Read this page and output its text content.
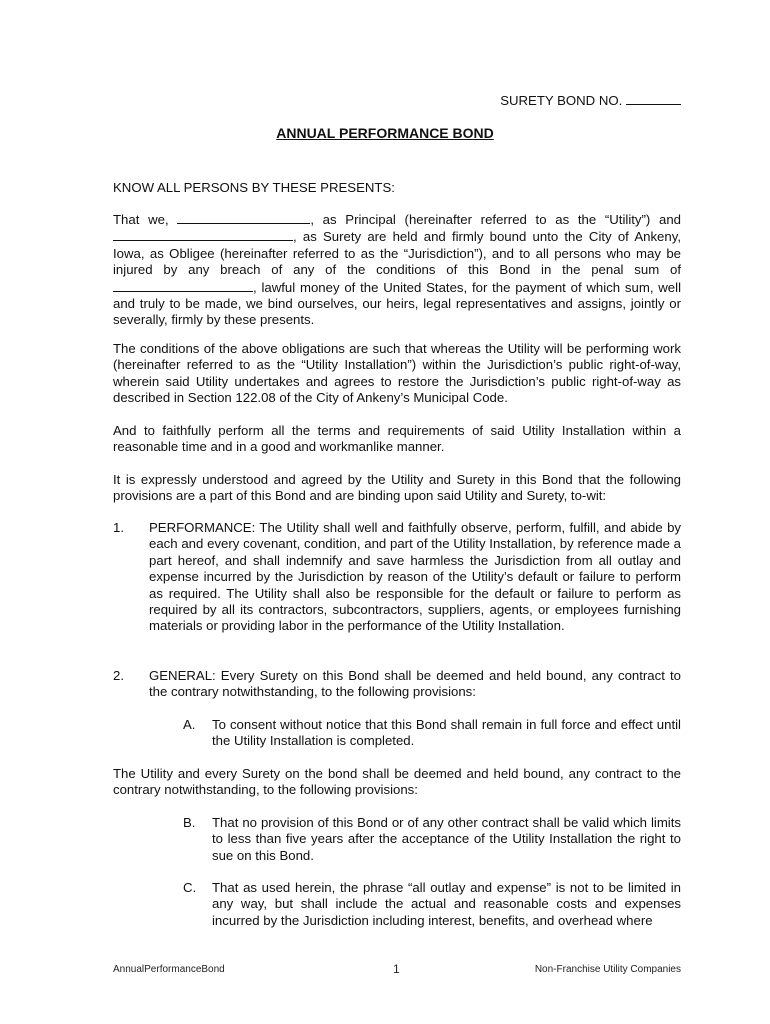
SURETY BOND NO.
ANNUAL PERFORMANCE BOND
KNOW ALL PERSONS BY THESE PRESENTS:
That we,	, as Principal (hereinafter referred to as the “Utility”) and , as Surety are held and firmly bound unto the City of Ankeny, Iowa, as Obligee (hereinafter referred to as the “Jurisdiction”), and to all persons who may be injured by any breach of any of the conditions of this Bond in the penal sum of , lawful money of the United States, for the payment of which sum, well and truly to be made, we bind ourselves, our heirs, legal representatives and assigns, jointly or severally, firmly by these presents.
The conditions of the above obligations are such that whereas the Utility will be performing work (hereinafter referred to as the “Utility Installation”) within the Jurisdiction’s public right-of-way, wherein said Utility undertakes and agrees to restore the Jurisdiction’s public right-of-way as described in Section 122.08 of the City of Ankeny’s Municipal Code.
And to faithfully perform all the terms and requirements of said Utility Installation within a reasonable time and in a good and workmanlike manner.
It is expressly understood and agreed by the Utility and Surety in this Bond that the following provisions are a part of this Bond and are binding upon said Utility and Surety, to-wit:
1. PERFORMANCE: The Utility shall well and faithfully observe, perform, fulfill, and abide by each and every covenant, condition, and part of the Utility Installation, by reference made a part hereof, and shall indemnify and save harmless the Jurisdiction from all outlay and expense incurred by the Jurisdiction by reason of the Utility’s default or failure to perform as required. The Utility shall also be responsible for the default or failure to perform as required by all its contractors, subcontractors, suppliers, agents, or employees furnishing materials or providing labor in the performance of the Utility Installation.
2. GENERAL: Every Surety on this Bond shall be deemed and held bound, any contract to the contrary notwithstanding, to the following provisions:
A. To consent without notice that this Bond shall remain in full force and effect until the Utility Installation is completed.
The Utility and every Surety on the bond shall be deemed and held bound, any contract to the contrary notwithstanding, to the following provisions:
B. That no provision of this Bond or of any other contract shall be valid which limits to less than five years after the acceptance of the Utility Installation the right to sue on this Bond.
C. That as used herein, the phrase “all outlay and expense” is not to be limited in any way, but shall include the actual and reasonable costs and expenses incurred by the Jurisdiction including interest, benefits, and overhead where
AnnualPerformanceBond	1	Non-Franchise Utility Companies
